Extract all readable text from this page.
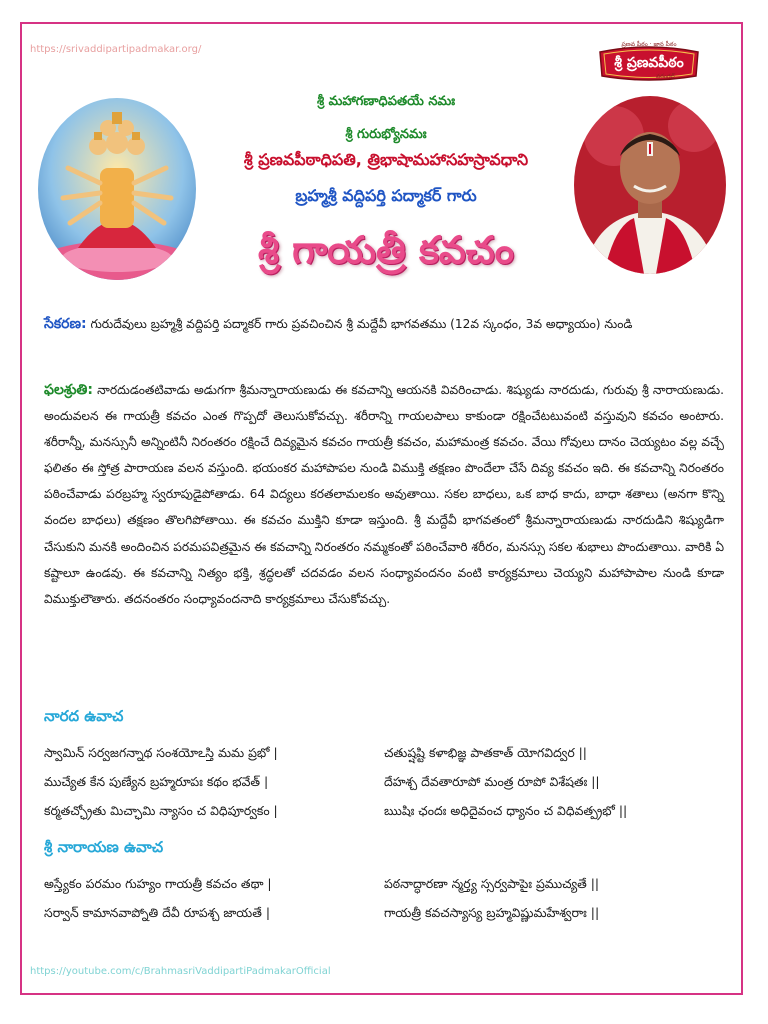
https://srivaddipartipadmakar.org/	ప్రణవ పీఠం · జ్ఞాన పీఠం
శ్రీ ప్రణవపీఠం
వరంగల్
శ్రీ మహాగణాధిపతయే నమః
శ్రీ గురుభ్యోనమః
శ్రీ ప్రణవపీఠాధిపతి, త్రిభాషామహాసహస్రావధాని
బ్రహ్మశ్రీ వద్దిపర్తి పద్మాకర్ గారు
శ్రీ గాయత్రీ కవచం

సేకరణ: గురుదేవులు బ్రహ్మశ్రీ వద్దిపర్తి పద్మాకర్ గారు ప్రవచించిన శ్రీ మద్దేవీ భాగవతము (12వ స్కంధం, 3వ అధ్యాయం) నుండి

ఫలశ్రుతి: నారదుడంతటివాడు అడుగగా శ్రీమన్నారాయణుడు ఈ కవచాన్ని ఆయనకి వివరించాడు. శిష్యుడు నారదుడు, గురువు శ్రీ నారాయణుడు. అందువలన ఈ గాయత్రీ కవచం ఎంత గొప్పదో తెలుసుకోవచ్చు. శరీరాన్ని గాయలపాలు కాకుండా రక్షించేటటువంటి వస్తువుని కవచం అంటారు. శరీరాన్నీ, మనస్సునీ అన్నింటినీ నిరంతరం రక్షించే దివ్యమైన కవచం గాయత్రీ కవచం, మహామంత్ర కవచం. వేయి గోవులు దానం చెయ్యటం వల్ల వచ్చే ఫలితం ఈ స్తోత్ర పారాయణ వలన వస్తుంది. భయంకర మహాపాపల నుండి విముక్తి తక్షణం పొందేలా చేసే దివ్య కవచం ఇది. ఈ కవచాన్ని నిరంతరం పఠించేవాడు పరబ్రహ్మ స్వరూపుడైపోతాడు. 64 విద్యలు కరతలామలకం అవుతాయి. సకల బాధలు, ఒక బాధ కాదు, బాధా శతాలు (అనగా కొన్ని వందల బాధలు) తక్షణం తొలగిపోతాయి. ఈ కవచం ముక్తిని కూడా ఇస్తుంది. శ్రీ మద్దేవీ భాగవతంలో శ్రీమన్నారాయణుడు నారదుడిని శిష్యుడిగా చేసుకుని మనకి అందించిన పరమపవిత్రమైన ఈ కవచాన్ని నిరంతరం నమ్మకంతో పఠించేవారి శరీరం, మనస్సు సకల శుభాలు పొందుతాయి. వారికి ఏ కష్టాలూ ఉండవు. ఈ కవచాన్ని నిత్యం భక్తి, శ్రద్ధలతో చదవడం వలన సంధ్యావందనం వంటి కార్యక్రమాలు చెయ్యని మహాపాపాల నుండి కూడా విముక్తులౌతారు. తదనంతరం సంధ్యావందనాది కార్యక్రమాలు చేసుకోవచ్చు.

నారద ఉవాచ
స్వామిన్ సర్వజగన్నాథ సంశయోఽస్తి మమ ప్రభో |	చతుష్షష్టి కళాభిజ్ఞ పాతకాత్ యోగవిద్వర ||
ముచ్యేత కేన పుణ్యేన బ్రహ్మరూపః కథం భవేత్ |	దేహశ్చ దేవతారూపో మంత్ర రూపో విశేషతః ||
కర్మతచ్ఛ్రోతు మిచ్ఛామి న్యాసం చ విధిపూర్వకం |	ఋషిః ఛందః అధిదైవంచ ధ్యానం చ విధివత్ప్రభో ||
శ్రీ నారాయణ ఉవాచ
అస్త్యేకం పరమం గుహ్యం గాయత్రీ కవచం తథా |	పఠనాద్ధారణా న్మర్త్య స్సర్వపాపైః ప్రముచ్యతే ||
సర్వాన్ కామానవాప్నోతి దేవీ రూపశ్చ జాయతే |	గాయత్రీ కవచస్యాస్య బ్రహ్మవిష్ణుమహేశ్వరాః ||
https://youtube.com/c/BrahmasriVaddipartiPadmakarOfficial
